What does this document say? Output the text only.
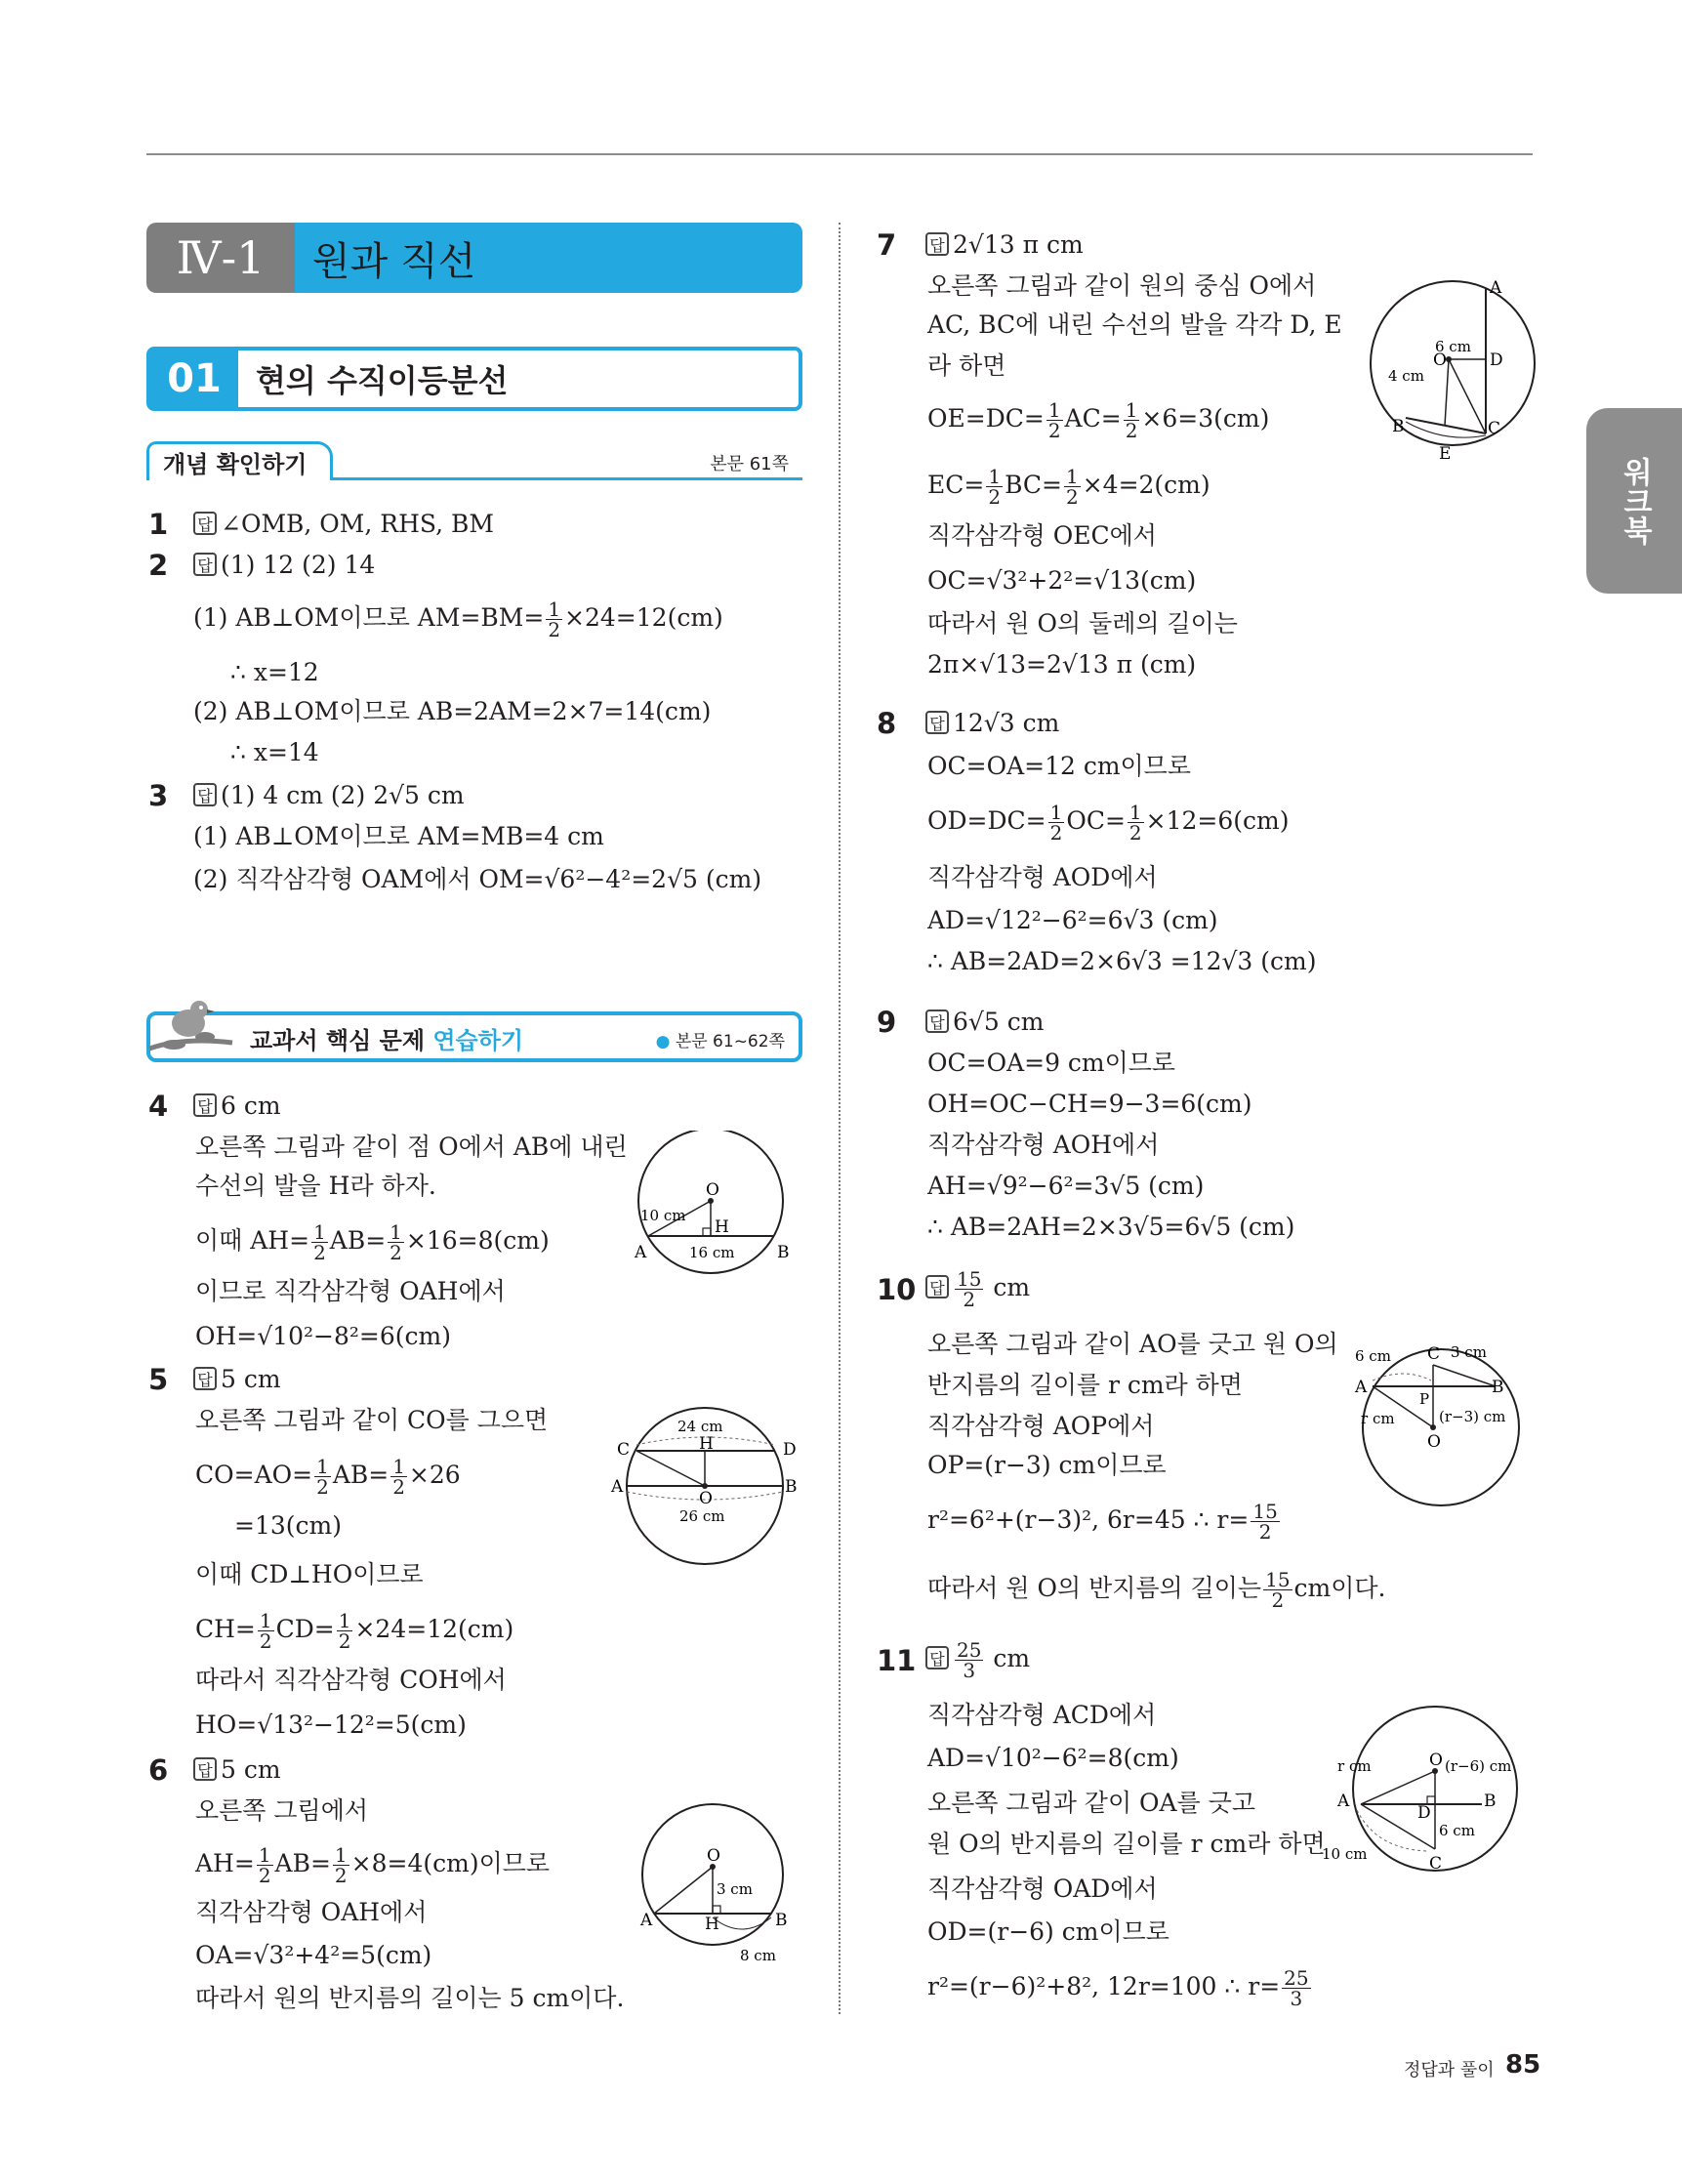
Ⅳ-1	원과 직선
01	현의 수직이등분선
개념 확인하기	본문 61쪽
1 답 ∠OMB, OM, RHS, BM
2 답 (1) 12 (2) 14
(1) AB⊥OM이므로 $AM=BM= \frac{1}{2} \times 24=12(cm)$
∴ x=12
(2) AB⊥OM이므로 AB=2AM=2×7=14(cm)
∴ x=14
3 답 (1) 4 cm (2) 2√5 cm
(1) AB⊥OM이므로 AM=MB=4 cm
(2) 직각삼각형 OAM에서 OM=√6²−4²=2√5 (cm)
교과서 핵심 문제 연습하기	● 본문 61~62쪽
4 답 6 cm
오른쪽 그림과 같이 점 O에서 AB에 내린
수선의 발을 H라 하자.
이때 $AH= \frac{1}{2} AB= \frac{1}{2} \times 16=8(cm)$
이므로 직각삼각형 OAH에서
OH=√10²−8²=6(cm)
O
A	B
H
10 cm
16 cm
5 답 5 cm
오른쪽 그림과 같이 CO를 그으면
$CO=AO= \frac{1}{2} AB= \frac{1}{2} \times 26$
=13(cm)
이때 CD⊥HO이므로
$CH= \frac{1}{2} CD= \frac{1}{2} \times 24=12(cm)$
따라서 직각삼각형 COH에서
HO=√13²−12²=5(cm)
C	D
A	B
H
O
24 cm
26 cm
6 답 5 cm
오른쪽 그림에서
$AH= \frac{1}{2} AB= \frac{1}{2} \times 8=4(cm)$이므로
직각삼각형 OAH에서
OA=√3²+4²=5(cm)
따라서 원의 반지름의 길이는 5 cm이다.
O
A	B
H
3 cm
8 cm
7 답 2√13 π cm
오른쪽 그림과 같이 원의 중심 O에서
AC, BC에 내린 수선의 발을 각각 D, E
라 하면
$OE=DC= \frac{1}{2} AC= \frac{1}{2} \times 6=3(cm)$
$EC= \frac{1}{2} BC= \frac{1}{2} \times 4=2(cm)$
직각삼각형 OEC에서
OC=√3²+2²=√13(cm)
따라서 원 O의 둘레의 길이는
2π×√13=2√13 π (cm)
A
B	C
D
E
O
6 cm
4 cm
8 답 12√3 cm
OC=OA=12 cm이므로
$OD=DC= \frac{1}{2} OC= \frac{1}{2} \times 12=6(cm)$
직각삼각형 AOD에서
AD=√12²−6²=6√3 (cm)
∴ AB=2AD=2×6√3 =12√3 (cm)
9 답 6√5 cm
OC=OA=9 cm이므로
OH=OC−CH=9−3=6(cm)
직각삼각형 AOH에서
AH=√9²−6²=3√5 (cm)
∴ AB=2AH=2×3√5=6√5 (cm)
10 답 $\frac{15}{2}$ cm
오른쪽 그림과 같이 AO를 긋고 원 O의
반지름의 길이를 r cm라 하면
직각삼각형 AOP에서
OP=(r−3) cm이므로
r²=6²+(r−3)², 6r=45 ∴ $r= \frac{15}{2}$
따라서 원 O의 반지름의 길이는 $\frac{15}{2}$ cm이다.
6 cm	3 cm
C
A	B
P
O
r cm	(r−3) cm
11 답 $\frac{25}{3}$ cm
직각삼각형 ACD에서
AD=√10²−6²=8(cm)
오른쪽 그림과 같이 OA를 긋고
원 O의 반지름의 길이를 r cm라 하면
직각삼각형 OAD에서
OD=(r−6) cm이므로
r²=(r−6)²+8², 12r=100 ∴ $r= \frac{25}{3}$
O
A	B
C
D
r cm	(r−6) cm
6 cm
10 cm
워크북
정답과 풀이 85
